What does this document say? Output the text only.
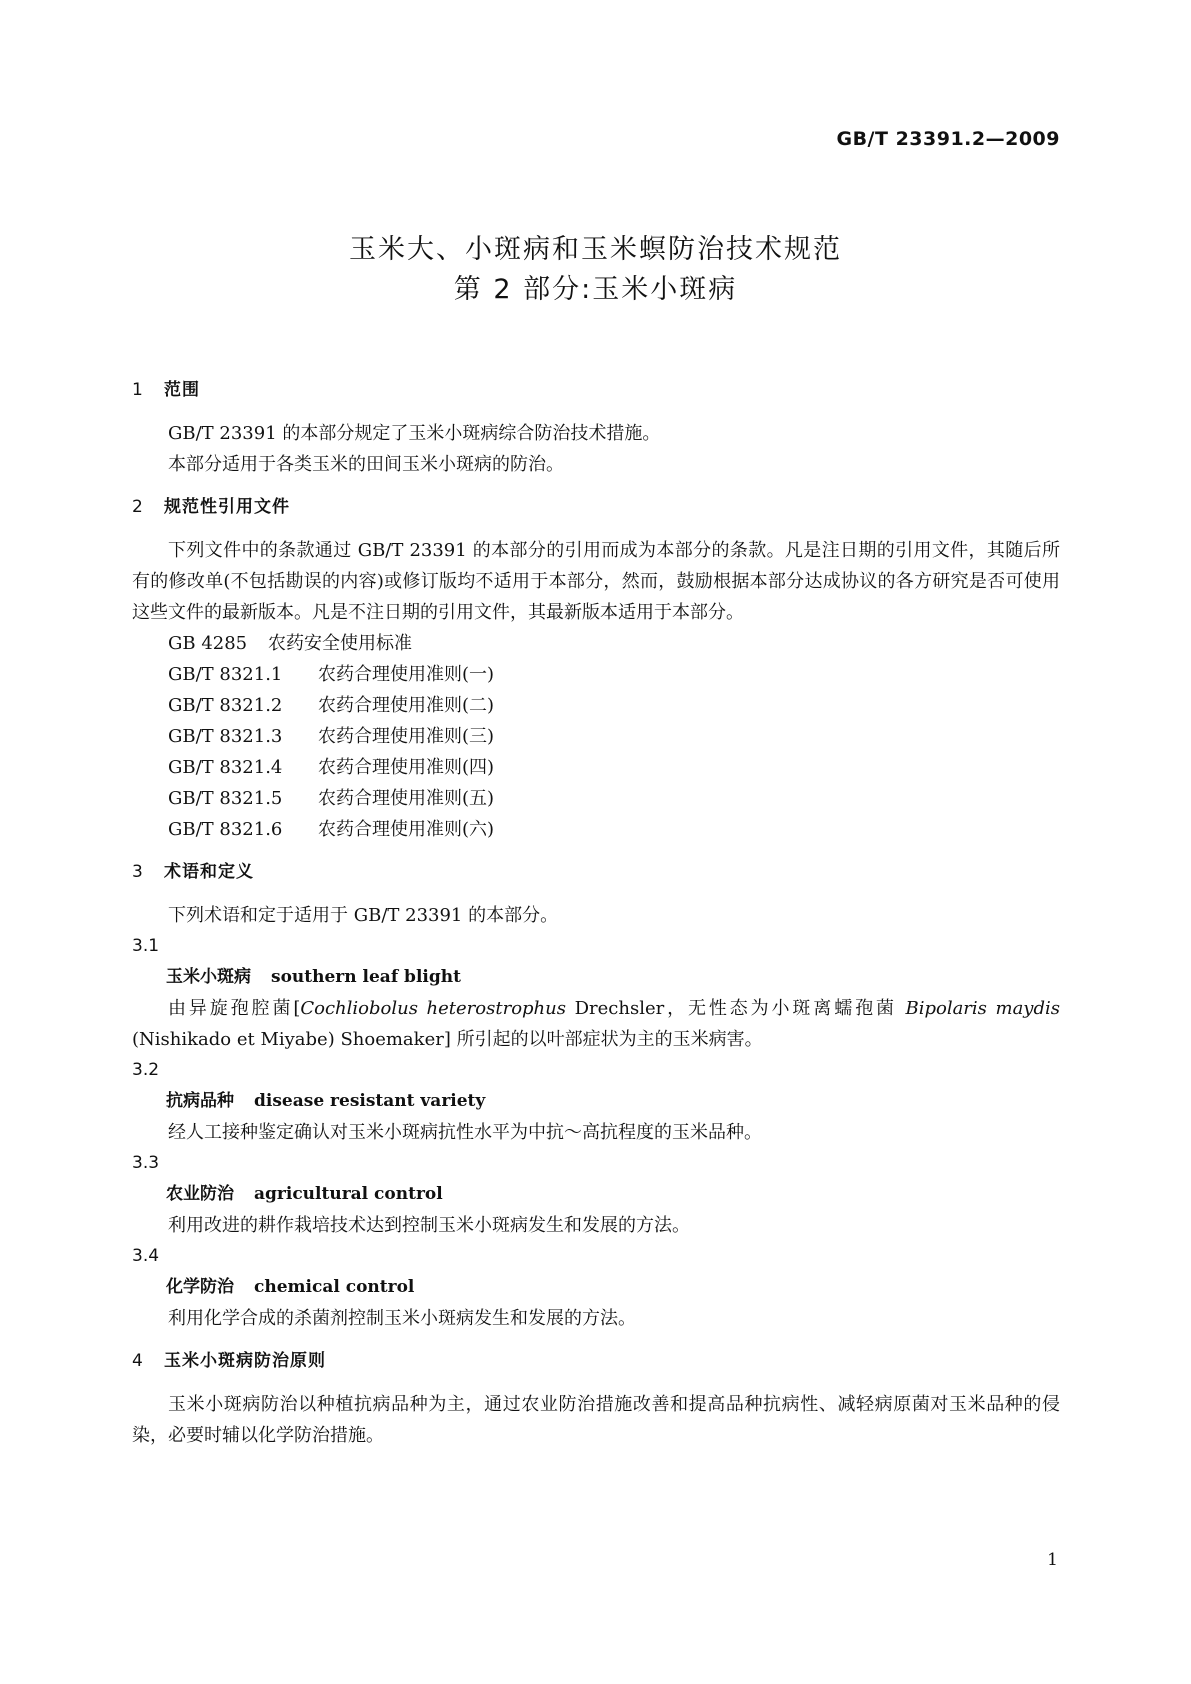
GB/T 23391.2—2009
玉米大、小斑病和玉米螟防治技术规范
第 2 部分:玉米小斑病
1 范围

GB/T 23391 的本部分规定了玉米小斑病综合防治技术措施。

本部分适用于各类玉米的田间玉米小斑病的防治。

2 规范性引用文件

下列文件中的条款通过 GB/T 23391 的本部分的引用而成为本部分的条款。凡是注日期的引用文件，其随后所有的修改单(不包括勘误的内容)或修订版均不适用于本部分，然而，鼓励根据本部分达成协议的各方研究是否可使用这些文件的最新版本。凡是不注日期的引用文件，其最新版本适用于本部分。

GB 4285 农药安全使用标准

GB/T 8321.1 农药合理使用准则(一)

GB/T 8321.2 农药合理使用准则(二)

GB/T 8321.3 农药合理使用准则(三)

GB/T 8321.4 农药合理使用准则(四)

GB/T 8321.5 农药合理使用准则(五)

GB/T 8321.6 农药合理使用准则(六)

3 术语和定义

下列术语和定于适用于 GB/T 23391 的本部分。

3.1

玉米小斑病 southern leaf blight

由异旋孢腔菌[Cochliobolus heterostrophus Drechsler，无性态为小斑离蠕孢菌 Bipolaris maydis (Nishikado et Miyabe) Shoemaker] 所引起的以叶部症状为主的玉米病害。

3.2

抗病品种 disease resistant variety

经人工接种鉴定确认对玉米小斑病抗性水平为中抗～高抗程度的玉米品种。

3.3

农业防治 agricultural control

利用改进的耕作栽培技术达到控制玉米小斑病发生和发展的方法。

3.4

化学防治 chemical control

利用化学合成的杀菌剂控制玉米小斑病发生和发展的方法。

4 玉米小斑病防治原则

玉米小斑病防治以种植抗病品种为主，通过农业防治措施改善和提高品种抗病性、减轻病原菌对玉米品种的侵染，必要时辅以化学防治措施。

1
